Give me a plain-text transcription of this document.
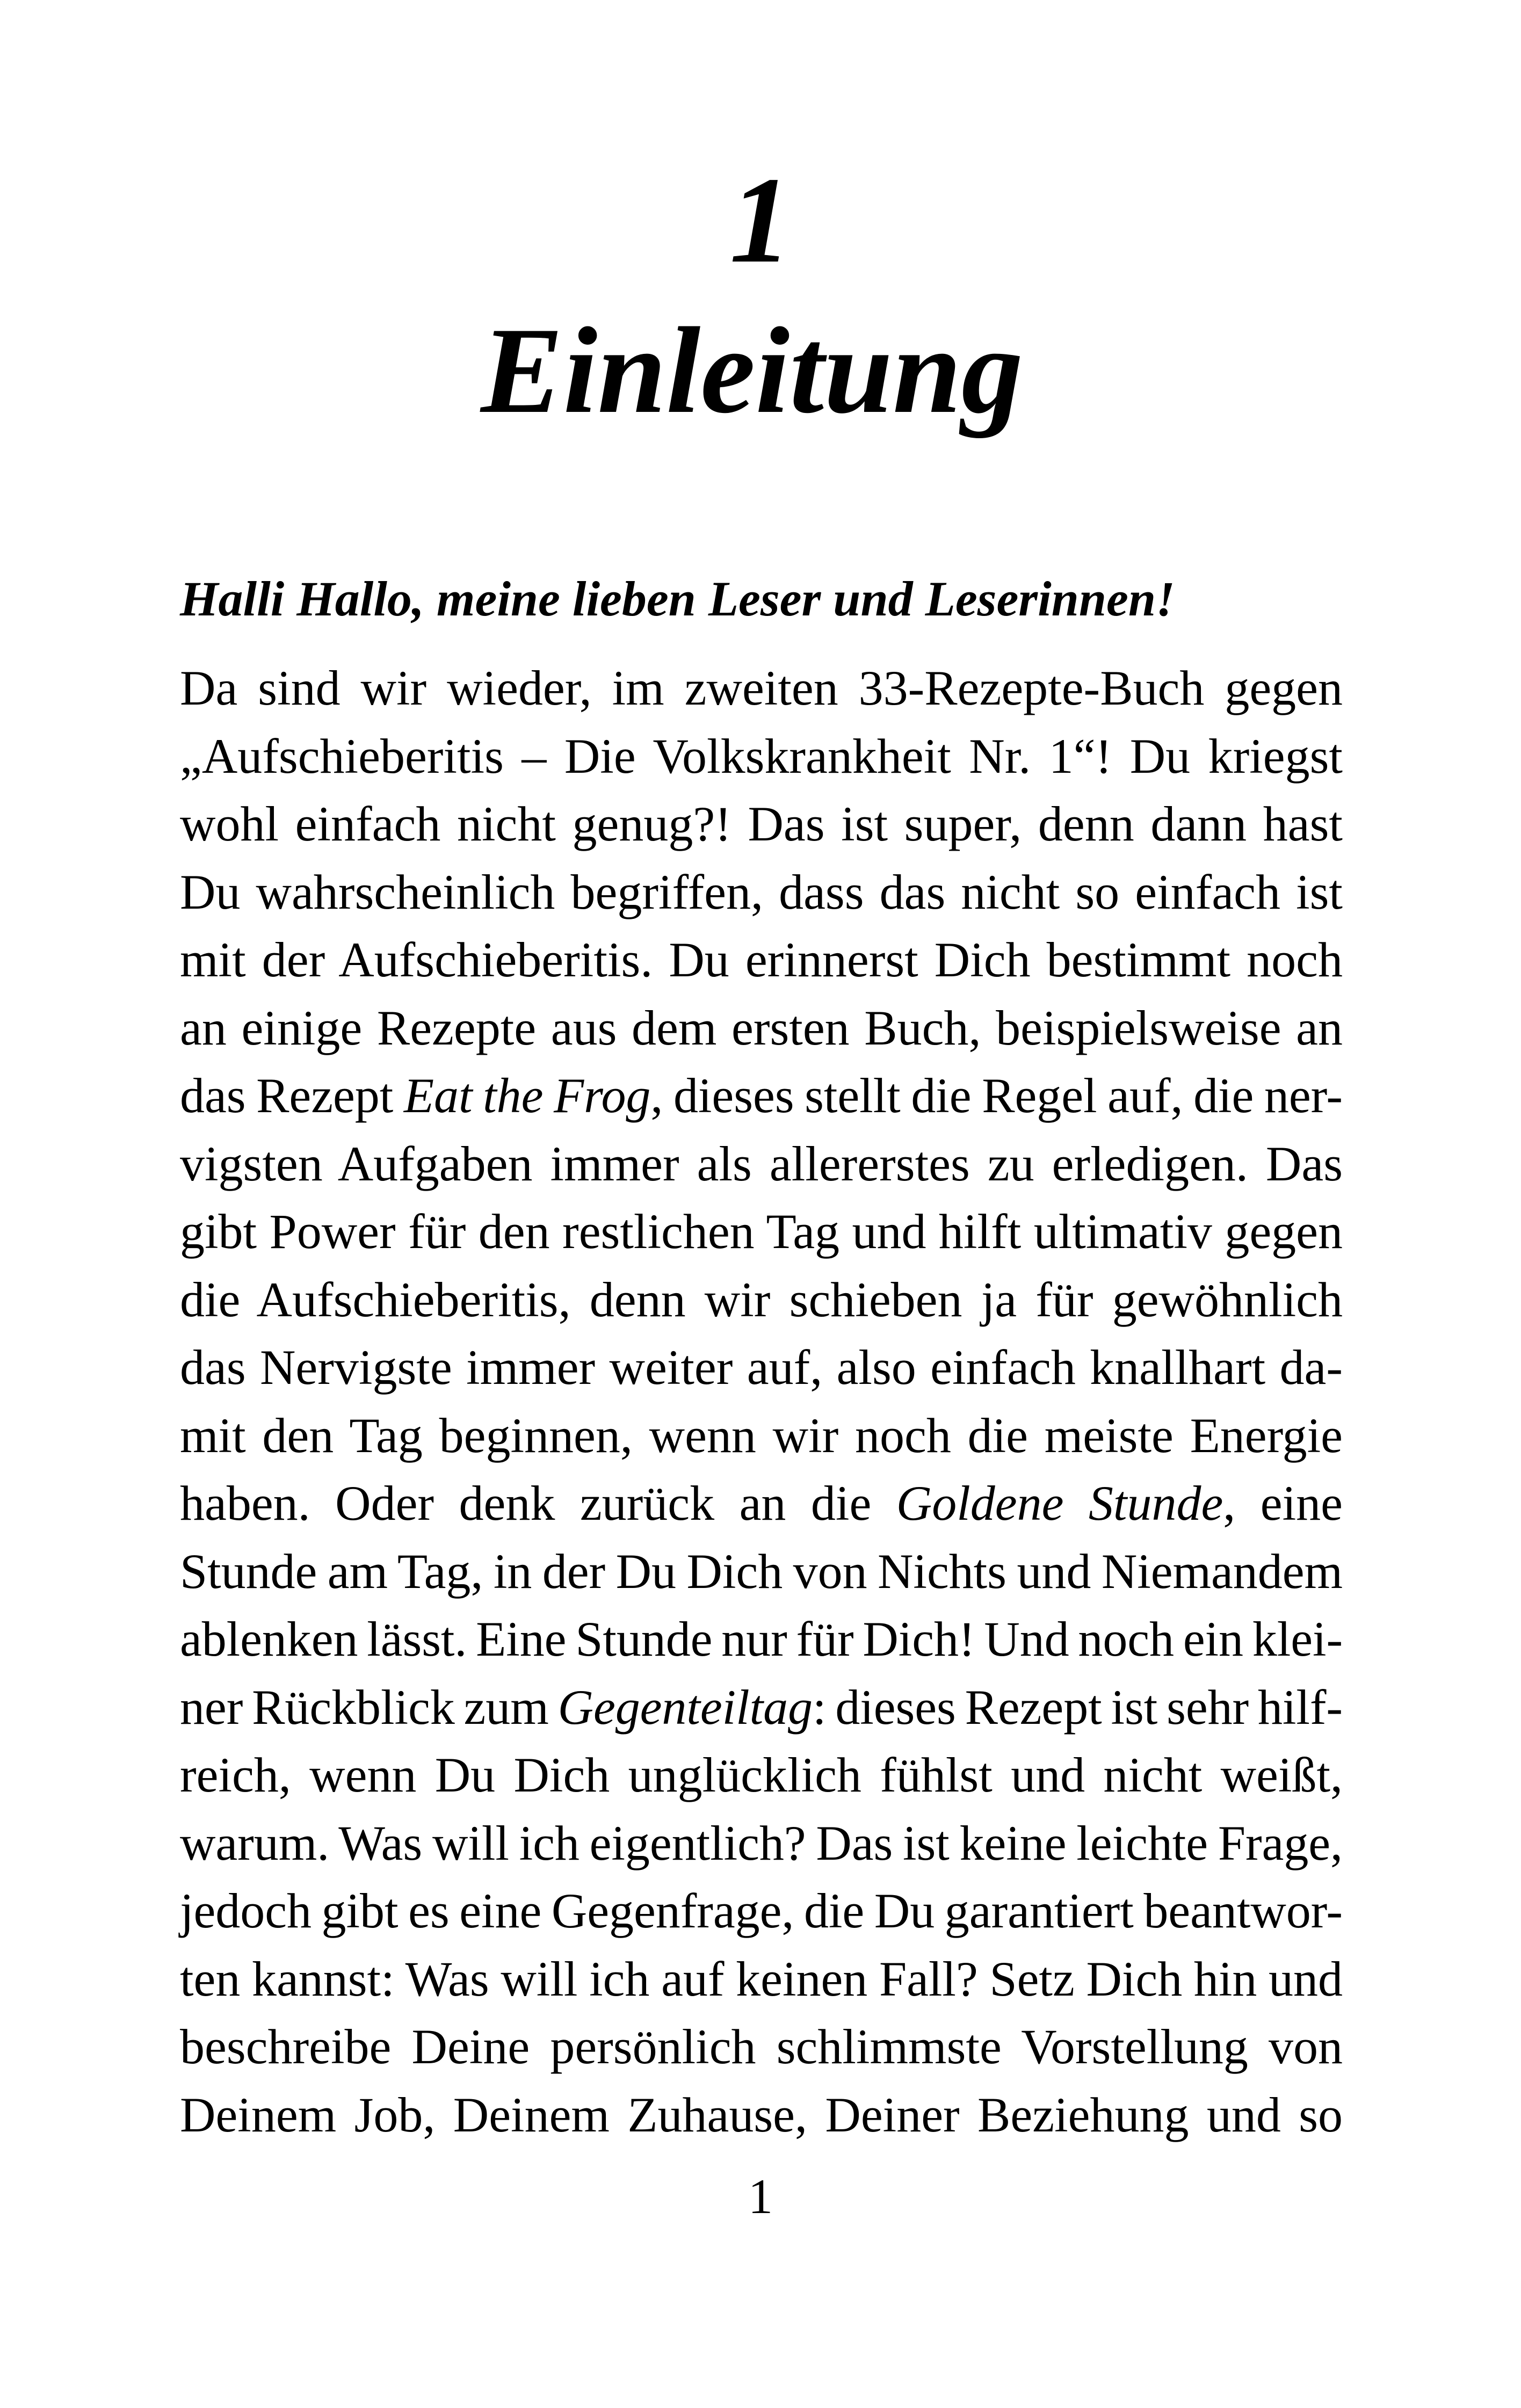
1
Einleitung
Halli Hallo, meine lieben Leser und Leserinnen!
Da sind wir wieder, im zweiten 33-Rezepte-Buch gegen
„Aufschieberitis – Die Volkskrankheit Nr. 1“! Du kriegst
wohl einfach nicht genug?! Das ist super, denn dann hast
Du wahrscheinlich begriffen, dass das nicht so einfach ist
mit der Aufschieberitis. Du erinnerst Dich bestimmt noch
an einige Rezepte aus dem ersten Buch, beispielsweise an
das Rezept Eat the Frog, dieses stellt die Regel auf, die ner-
vigsten Aufgaben immer als allererstes zu erledigen. Das
gibt Power für den restlichen Tag und hilft ultimativ gegen
die Aufschieberitis, denn wir schieben ja für gewöhnlich
das Nervigste immer weiter auf, also einfach knallhart da-
mit den Tag beginnen, wenn wir noch die meiste Energie
haben. Oder denk zurück an die Goldene Stunde, eine
Stunde am Tag, in der Du Dich von Nichts und Niemandem
ablenken lässt. Eine Stunde nur für Dich! Und noch ein klei-
ner Rückblick zum Gegenteiltag: dieses Rezept ist sehr hilf-
reich, wenn Du Dich unglücklich fühlst und nicht weißt,
warum. Was will ich eigentlich? Das ist keine leichte Frage,
jedoch gibt es eine Gegenfrage, die Du garantiert beantwor-
ten kannst: Was will ich auf keinen Fall? Setz Dich hin und
beschreibe Deine persönlich schlimmste Vorstellung von
Deinem Job, Deinem Zuhause, Deiner Beziehung und so
1
